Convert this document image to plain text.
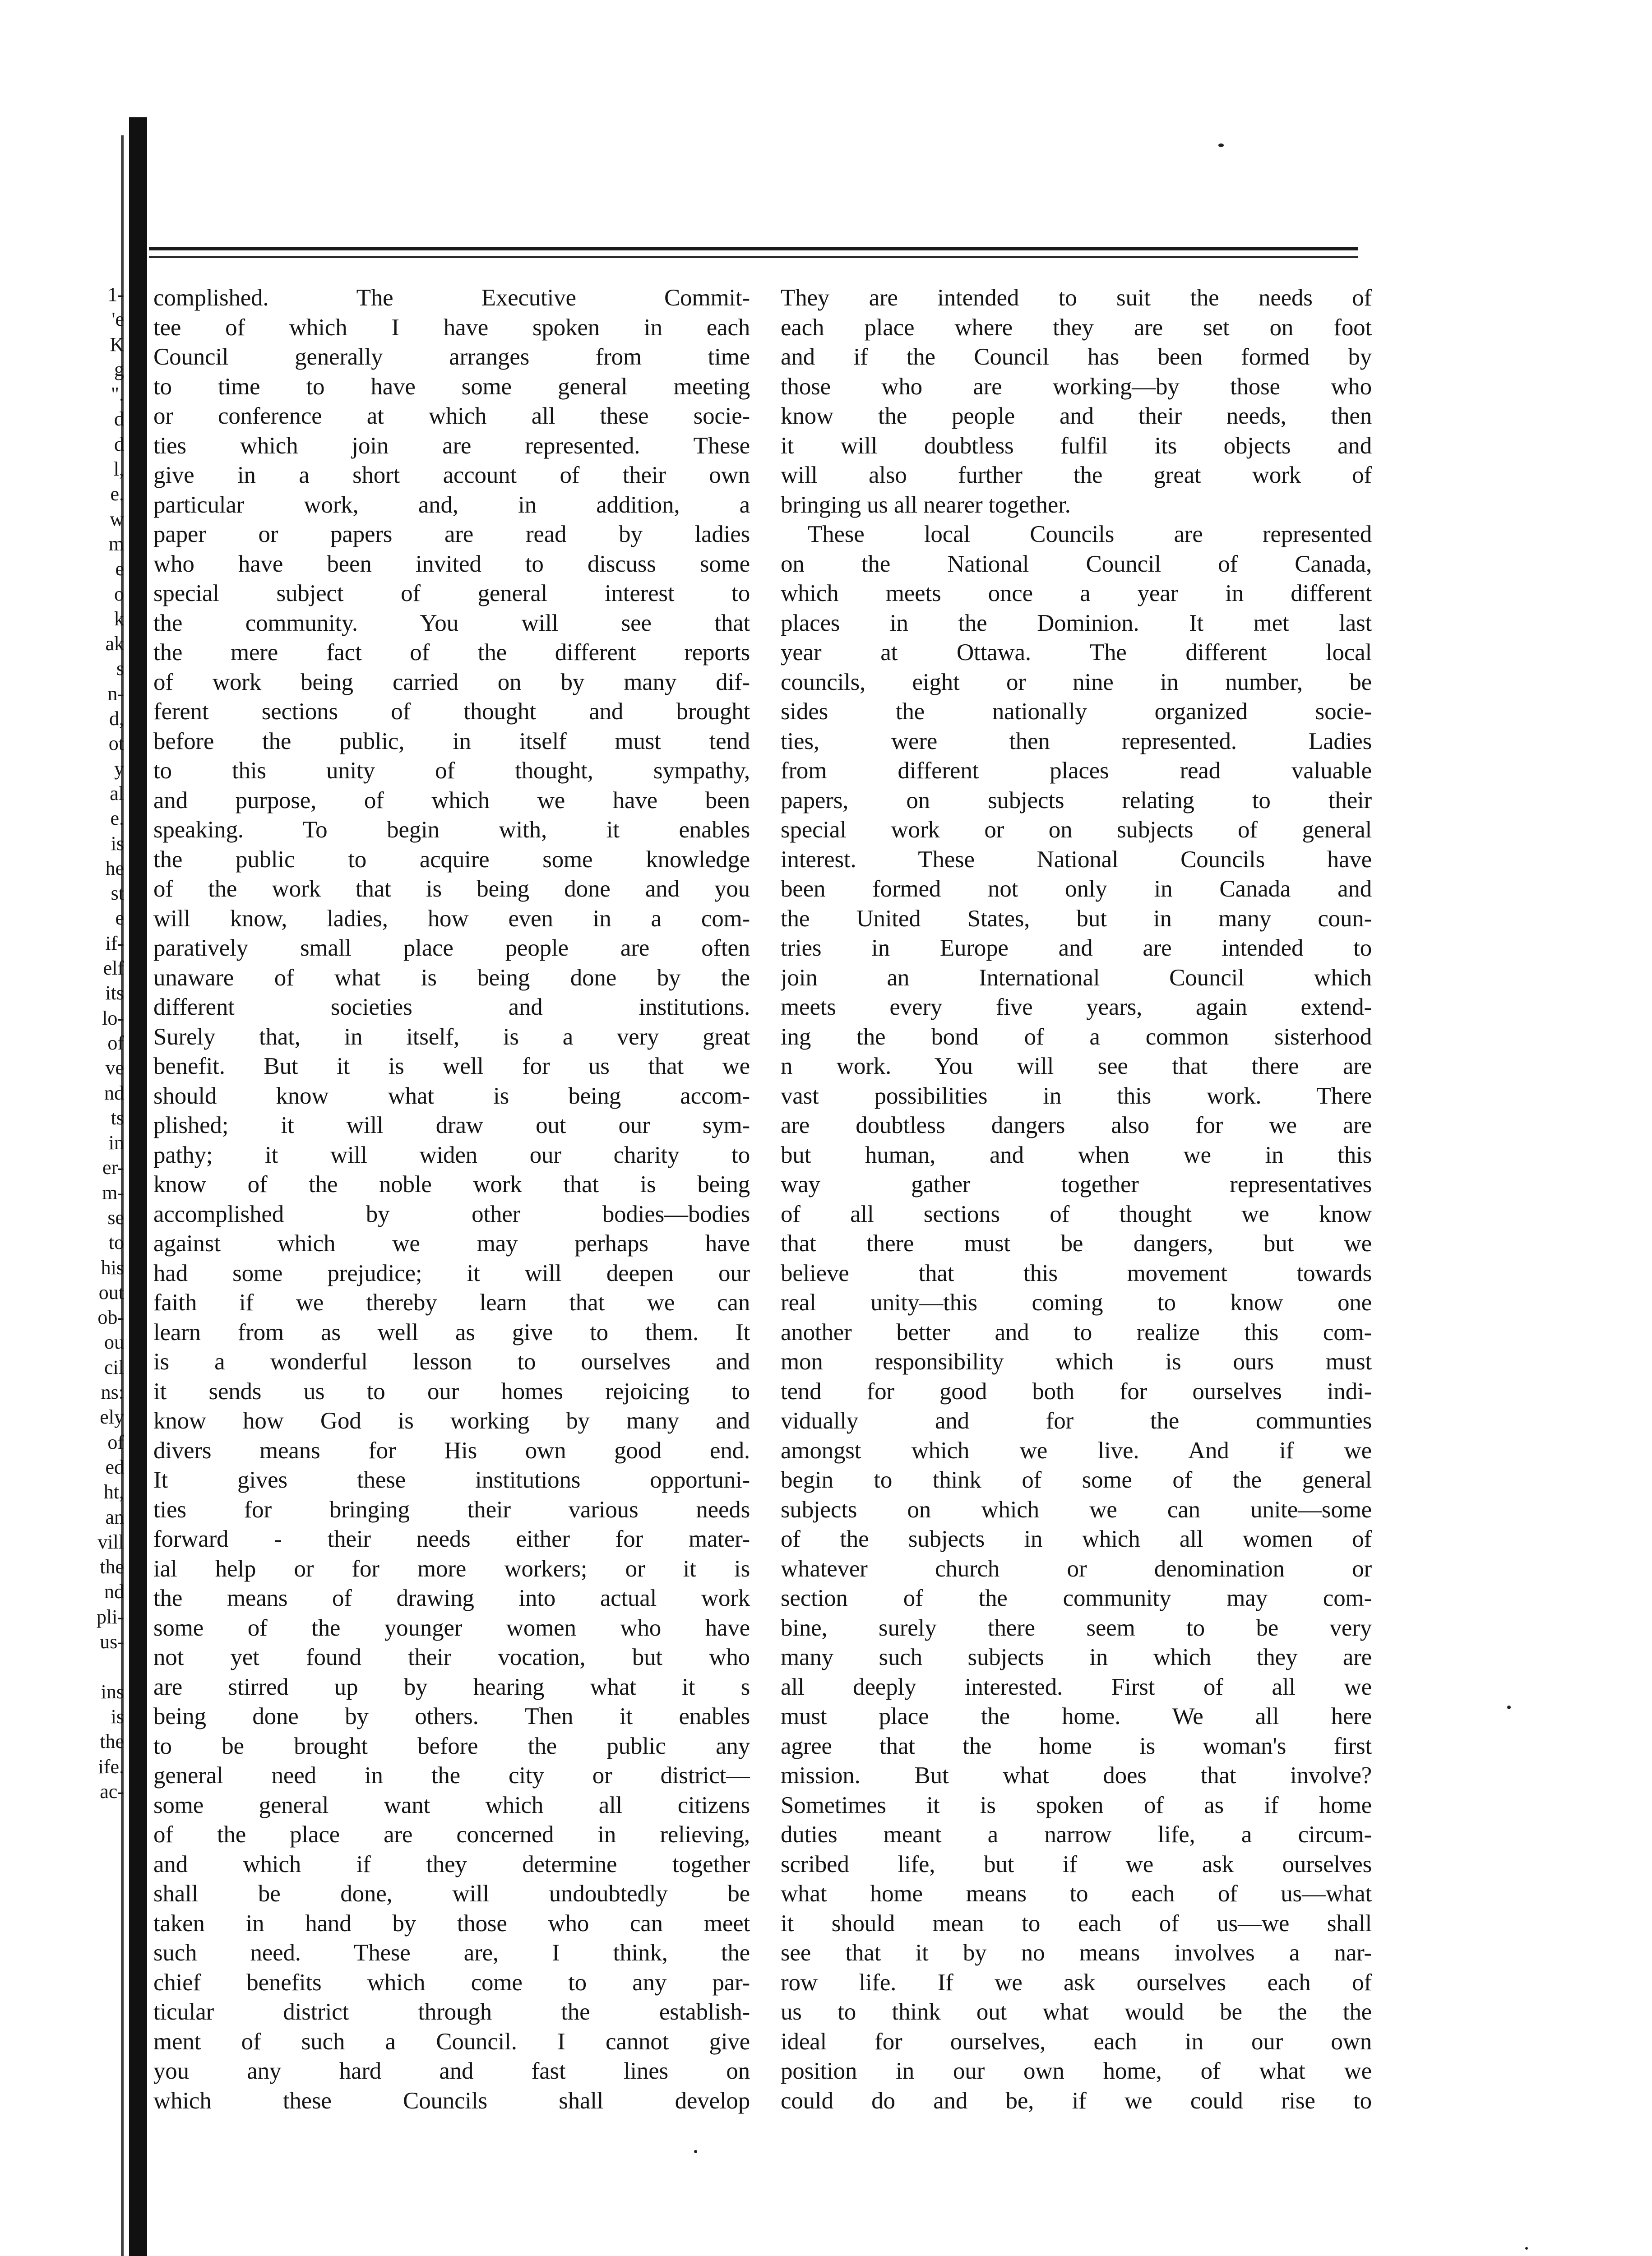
1-
'e
K
g
".
d
d
l,
e.
w
m
e
o
k
ak
s
n-
d,
ot
y
al
e.
is
he
st
e
if-
elf
its
lo-
of
ve
nd
ts
in
er-
m-
se
to
his
out
ob-
ou
cil
ns:
ely
of
ed
ht,
an
vill
the
nd
pli-
us-
ins
is
the
ife.
ac-
complished. The Executive Commit-
tee of which I have spoken in each
Council generally arranges from time
to time to have some general meeting
or conference at which all these socie-
ties which join are represented. These
give in a short account of their own
particular work, and, in addition, a
paper or papers are read by ladies
who have been invited to discuss some
special subject of general interest to
the community. You will see that
the mere fact of the different reports
of work being carried on by many dif-
ferent sections of thought and brought
before the public, in itself must tend
to this unity of thought, sympathy,
and purpose, of which we have been
speaking. To begin with, it enables
the public to acquire some knowledge
of the work that is being done and you
will know, ladies, how even in a com-
paratively small place people are often
unaware of what is being done by the
different societies and institutions.
Surely that, in itself, is a very great
benefit. But it is well for us that we
should know what is being accom-
plished; it will draw out our sym-
pathy; it will widen our charity to
know of the noble work that is being
accomplished by other bodies—bodies
against which we may perhaps have
had some prejudice; it will deepen our
faith if we thereby learn that we can
learn from as well as give to them. It
is a wonderful lesson to ourselves and
it sends us to our homes rejoicing to
know how God is working by many and
divers means for His own good end.
It gives these institutions opportuni-
ties for bringing their various needs
forward - their needs either for mater-
ial help or for more workers; or it is
the means of drawing into actual work
some of the younger women who have
not yet found their vocation, but who
are stirred up by hearing what it s
being done by others. Then it enables
to be brought before the public any
general need in the city or district—
some general want which all citizens
of the place are concerned in relieving,
and which if they determine together
shall be done, will undoubtedly be
taken in hand by those who can meet
such need. These are, I think, the
chief benefits which come to any par-
ticular district through the establish-
ment of such a Council. I cannot give
you any hard and fast lines on
which these Councils shall develop
They are intended to suit the needs of
each place where they are set on foot
and if the Council has been formed by
those who are working—by those who
know the people and their needs, then
it will doubtless fulfil its objects and
will also further the great work of
bringing us all nearer together.
These local Councils are represented
on the National Council of Canada,
which meets once a year in different
places in the Dominion. It met last
year at Ottawa. The different local
councils, eight or nine in number, be
sides the nationally organized socie-
ties, were then represented. Ladies
from different places read valuable
papers, on subjects relating to their
special work or on subjects of general
interest. These National Councils have
been formed not only in Canada and
the United States, but in many coun-
tries in Europe and are intended to
join an International Council which
meets every five years, again extend-
ing the bond of a common sisterhood
n work. You will see that there are
vast possibilities in this work. There
are doubtless dangers also for we are
but human, and when we in this
way gather together representatives
of all sections of thought we know
that there must be dangers, but we
believe that this movement towards
real unity—this coming to know one
another better and to realize this com-
mon responsibility which is ours must
tend for good both for ourselves indi-
vidually and for the communties
amongst which we live. And if we
begin to think of some of the general
subjects on which we can unite—some
of the subjects in which all women of
whatever church or denomination or
section of the community may com-
bine, surely there seem to be very
many such subjects in which they are
all deeply interested. First of all we
must place the home. We all here
agree that the home is woman's first
mission. But what does that involve?
Sometimes it is spoken of as if home
duties meant a narrow life, a circum-
scribed life, but if we ask ourselves
what home means to each of us—what
it should mean to each of us—we shall
see that it by no means involves a nar-
row life. If we ask ourselves each of
us to think out what would be the the
ideal for ourselves, each in our own
position in our own home, of what we
could do and be, if we could rise to
